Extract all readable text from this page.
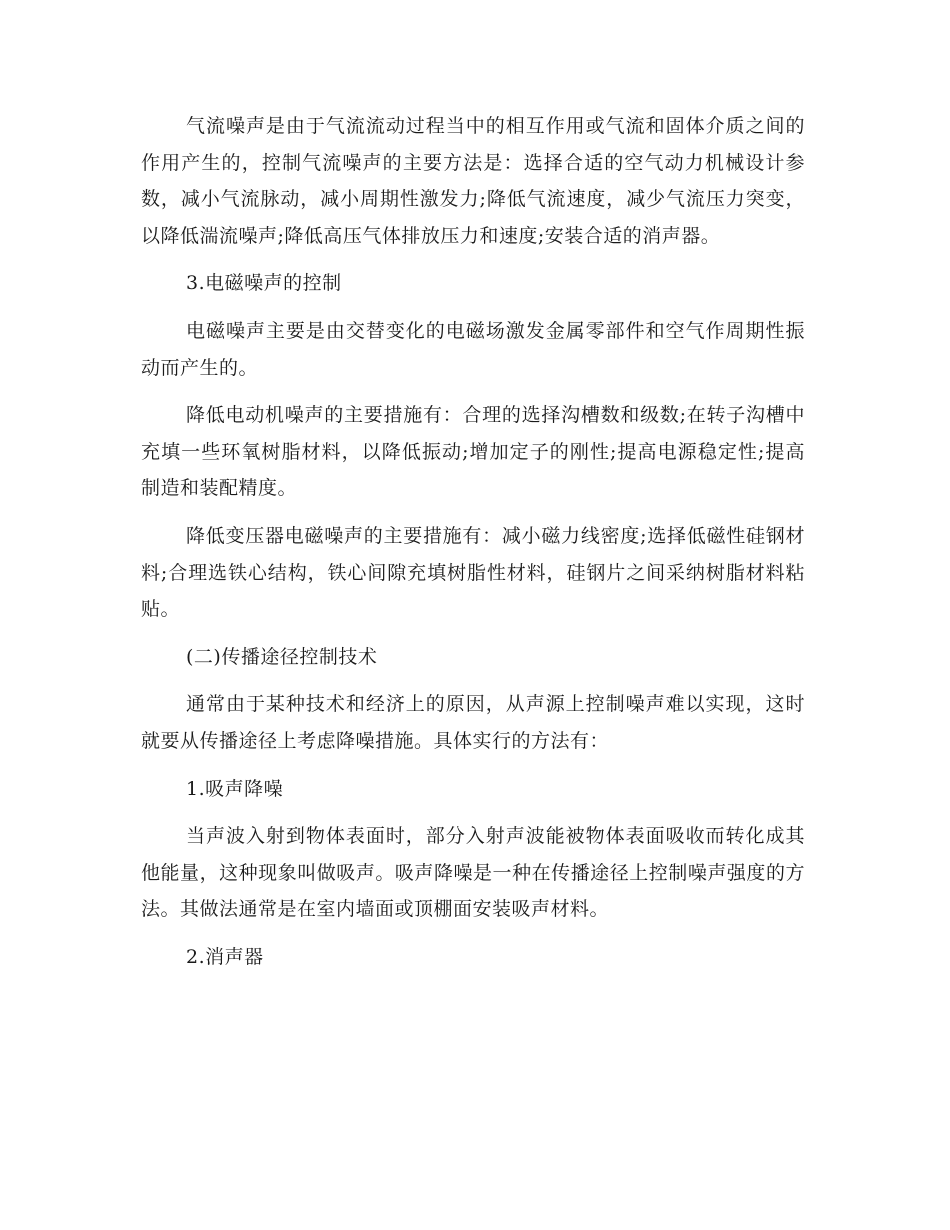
气流噪声是由于气流流动过程当中的相互作用或气流和固体介质之间的作用产生的，控制气流噪声的主要方法是：选择合适的空气动力机械设计参数，减小气流脉动，减小周期性激发力;降低气流速度，减少气流压力突变，以降低湍流噪声;降低高压气体排放压力和速度;安装合适的消声器。

3.电磁噪声的控制

电磁噪声主要是由交替变化的电磁场激发金属零部件和空气作周期性振动而产生的。

降低电动机噪声的主要措施有：合理的选择沟槽数和级数;在转子沟槽中充填一些环氧树脂材料，以降低振动;增加定子的刚性;提高电源稳定性;提高制造和装配精度。

降低变压器电磁噪声的主要措施有：减小磁力线密度;选择低磁性硅钢材料;合理选铁心结构，铁心间隙充填树脂性材料，硅钢片之间采纳树脂材料粘贴。

(二)传播途径控制技术

通常由于某种技术和经济上的原因，从声源上控制噪声难以实现，这时就要从传播途径上考虑降噪措施。具体实行的方法有：

1.吸声降噪

当声波入射到物体表面时，部分入射声波能被物体表面吸收而转化成其他能量，这种现象叫做吸声。吸声降噪是一种在传播途径上控制噪声强度的方法。其做法通常是在室内墙面或顶棚面安装吸声材料。

2.消声器
